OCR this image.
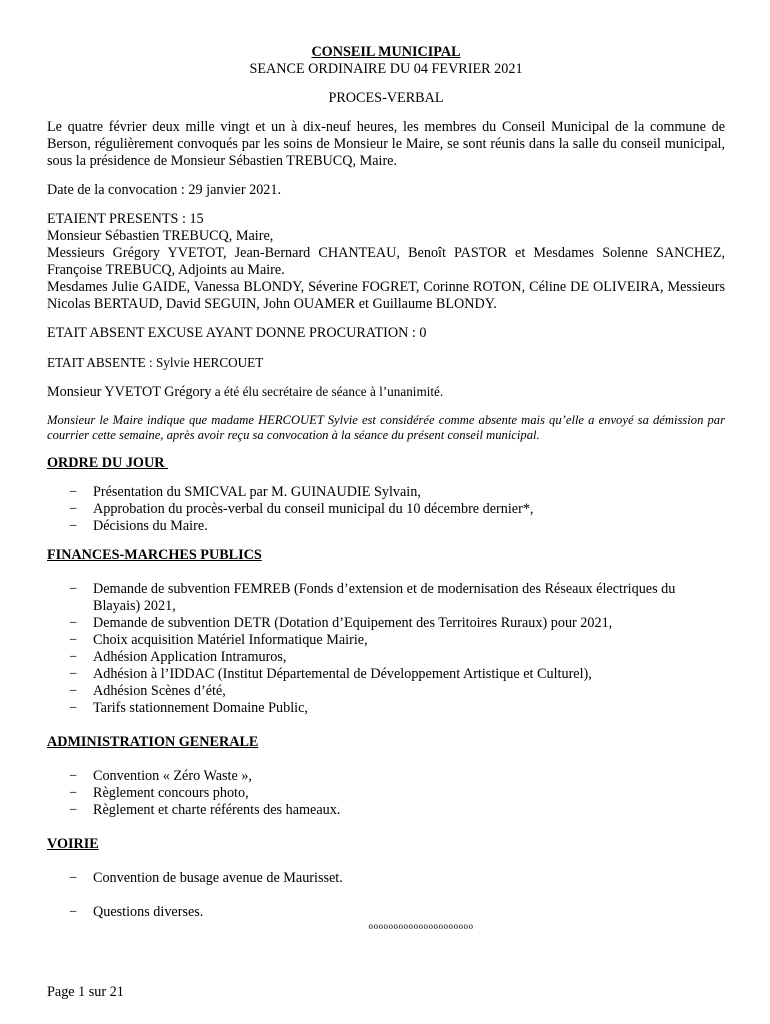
CONSEIL MUNICIPAL

SEANCE ORDINAIRE DU 04 FEVRIER 2021

PROCES-VERBAL

Le quatre février deux mille vingt et un à dix-neuf heures, les membres du Conseil Municipal de la commune de Berson, régulièrement convoqués par les soins de Monsieur le Maire, se sont réunis dans la salle du conseil municipal, sous la présidence de Monsieur Sébastien TREBUCQ, Maire.

Date de la convocation : 29 janvier 2021.

ETAIENT PRESENTS : 15

Monsieur Sébastien TREBUCQ, Maire,

Messieurs Grégory YVETOT, Jean-Bernard CHANTEAU, Benoît PASTOR et Mesdames Solenne SANCHEZ, Françoise TREBUCQ, Adjoints au Maire.

Mesdames Julie GAIDE, Vanessa BLONDY, Séverine FOGRET, Corinne ROTON, Céline DE OLIVEIRA, Messieurs Nicolas BERTAUD, David SEGUIN, John OUAMER et Guillaume BLONDY.

ETAIT ABSENT EXCUSE AYANT DONNE PROCURATION : 0

ETAIT ABSENTE : Sylvie HERCOUET

Monsieur YVETOT Grégory a été élu secrétaire de séance à l’unanimité.

Monsieur le Maire indique que madame HERCOUET Sylvie est considérée comme absente mais qu’elle a envoyé sa démission par courrier cette semaine, après avoir reçu sa convocation à la séance du présent conseil municipal.

ORDRE DU JOUR

− Présentation du SMICVAL par M. GUINAUDIE Sylvain,
− Approbation du procès-verbal du conseil municipal du 10 décembre dernier*,
− Décisions du Maire.

FINANCES-MARCHES PUBLICS

− Demande de subvention FEMREB (Fonds d’extension et de modernisation des Réseaux électriques du Blayais) 2021,
− Demande de subvention DETR (Dotation d’Equipement des Territoires Ruraux) pour 2021,
− Choix acquisition Matériel Informatique Mairie,
− Adhésion Application Intramuros,
− Adhésion à l’IDDAC (Institut Départemental de Développement Artistique et Culturel),
− Adhésion Scènes d’été,
− Tarifs stationnement Domaine Public,

ADMINISTRATION GENERALE

− Convention « Zéro Waste »,
− Règlement concours photo,
− Règlement et charte référents des hameaux.

VOIRIE

− Convention de busage avenue de Maurisset.
− Questions diverses.

ooooooooooooooooooooo

Page 1 sur 21
